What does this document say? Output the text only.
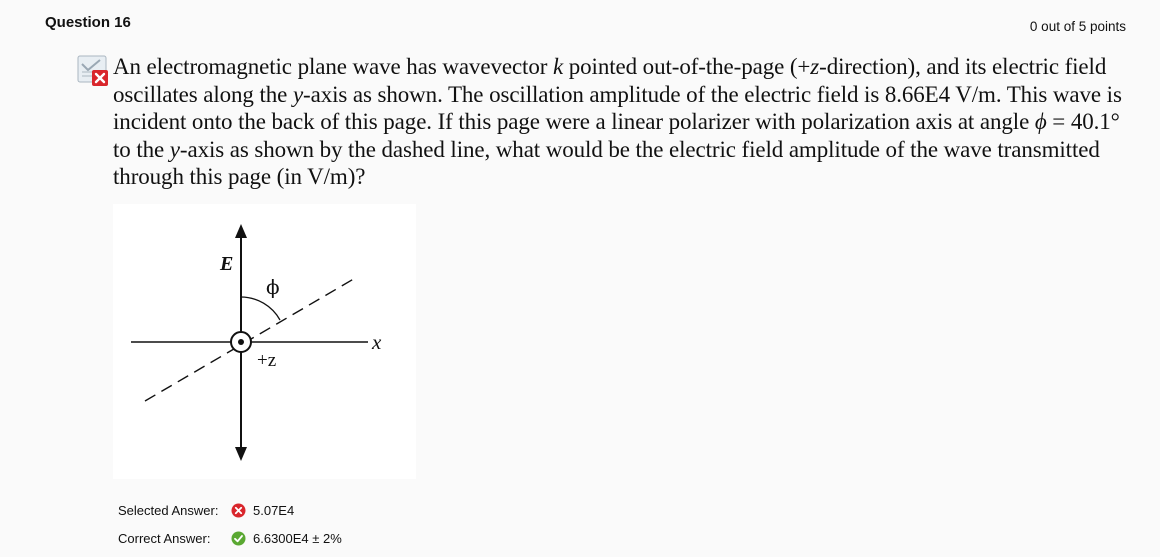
Question 16	0 out of 5 points
An electromagnetic plane wave has wavevector k pointed out-of-the-page (+z-direction), and its electric field oscillates along the y-axis as shown. The oscillation amplitude of the electric field is 8.66E4 V/m. This wave is incident onto the back of this page. If this page were a linear polarizer with polarization axis at angle ϕ = 40.1° to the y-axis as shown by the dashed line, what would be the electric field amplitude of the wave transmitted through this page (in V/m)?
E
ϕ
+z
x
Selected Answer:	5.07E4
Correct Answer:	6.6300E4 ± 2%
